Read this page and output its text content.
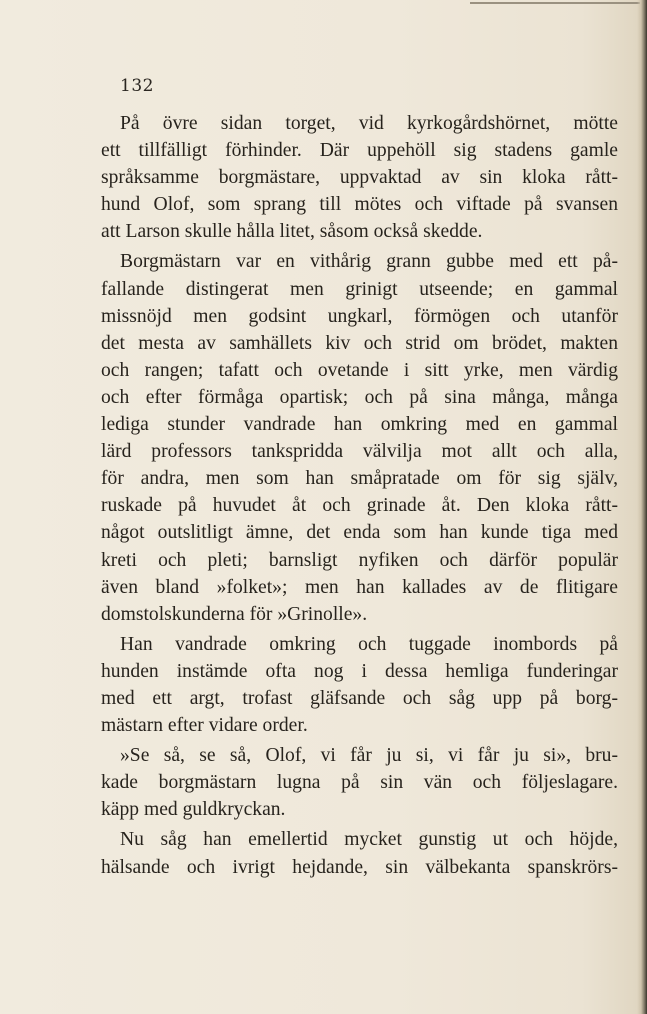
132
På övre sidan torget, vid kyrkogårdshörnet, mötte
ett tillfälligt förhinder. Där uppehöll sig stadens gamle
språksamme borgmästare, uppvaktad av sin kloka rått-
hund Olof, som sprang till mötes och viftade på svansen
att Larson skulle hålla litet, såsom också skedde.
Borgmästarn var en vithårig grann gubbe med ett på-
fallande distingerat men grinigt utseende; en gammal
missnöjd men godsint ungkarl, förmögen och utanför
det mesta av samhällets kiv och strid om brödet, makten
och rangen; tafatt och ovetande i sitt yrke, men värdig
och efter förmåga opartisk; och på sina många, många
lediga stunder vandrade han omkring med en gammal
lärd professors tankspridda välvilja mot allt och alla,
för andra, men som han småpratade om för sig själv,
ruskade på huvudet åt och grinade åt. Den kloka rått-
något outslitligt ämne, det enda som han kunde tiga med
kreti och pleti; barnsligt nyfiken och därför populär
även bland »folket»; men han kallades av de flitigare
domstolskunderna för »Grinolle».
Han vandrade omkring och tuggade inombords på
hunden instämde ofta nog i dessa hemliga funderingar
med ett argt, trofast gläfsande och såg upp på borg-
mästarn efter vidare order.
»Se så, se så, Olof, vi får ju si, vi får ju si», bru-
kade borgmästarn lugna på sin vän och följeslagare.
käpp med guldkryckan.
Nu såg han emellertid mycket gunstig ut och höjde,
hälsande och ivrigt hejdande, sin välbekanta spanskrörs-
